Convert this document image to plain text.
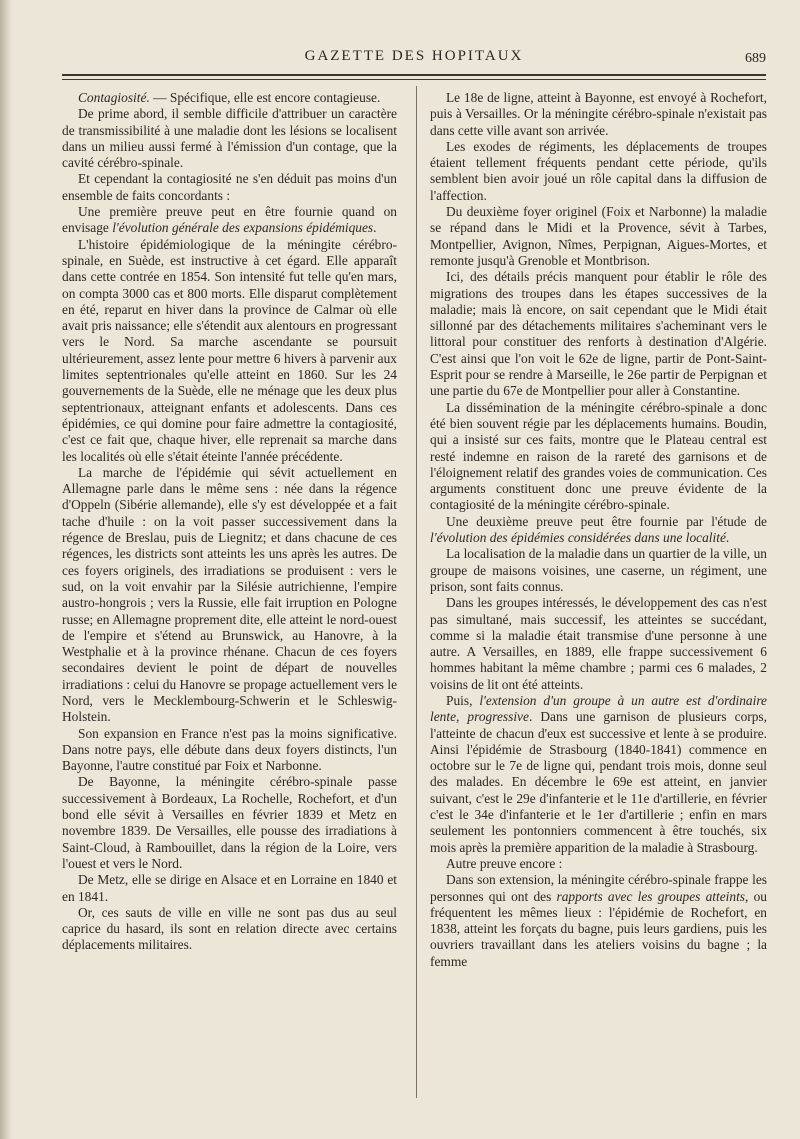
GAZETTE DES HOPITAUX	689

Contagiosité. — Spécifique, elle est encore contagieuse.

De prime abord, il semble difficile d'attribuer un caractère de transmissibilité à une maladie dont les lésions se localisent dans un milieu aussi fermé à l'émission d'un contage, que la cavité cérébro-spinale.

Et cependant la contagiosité ne s'en déduit pas moins d'un ensemble de faits concordants :

Une première preuve peut en être fournie quand on envisage l'évolution générale des expansions épidémiques.

L'histoire épidémiologique de la méningite cérébro-spinale, en Suède, est instructive à cet égard. Elle apparaît dans cette contrée en 1854. Son intensité fut telle qu'en mars, on compta 3000 cas et 800 morts. Elle disparut complètement en été, reparut en hiver dans la province de Calmar où elle avait pris naissance; elle s'étendit aux alentours en progressant vers le Nord. Sa marche ascendante se poursuit ultérieurement, assez lente pour mettre 6 hivers à parvenir aux limites septentrionales qu'elle atteint en 1860. Sur les 24 gouvernements de la Suède, elle ne ménage que les deux plus septentrionaux, atteignant enfants et adolescents. Dans ces épidémies, ce qui domine pour faire admettre la contagiosité, c'est ce fait que, chaque hiver, elle reprenait sa marche dans les localités où elle s'était éteinte l'année précédente.

La marche de l'épidémie qui sévit actuellement en Allemagne parle dans le même sens : née dans la régence d'Oppeln (Sibérie allemande), elle s'y est développée et a fait tache d'huile : on la voit passer successivement dans la régence de Breslau, puis de Liegnitz; et dans chacune de ces régences, les districts sont atteints les uns après les autres. De ces foyers originels, des irradiations se produisent : vers le sud, on la voit envahir par la Silésie autrichienne, l'empire austro-hongrois ; vers la Russie, elle fait irruption en Pologne russe; en Allemagne proprement dite, elle atteint le nord-ouest de l'empire et s'étend au Brunswick, au Hanovre, à la Westphalie et à la province rhénane. Chacun de ces foyers secondaires devient le point de départ de nouvelles irradiations : celui du Hanovre se propage actuellement vers le Nord, vers le Mecklembourg-Schwerin et le Schleswig-Holstein.

Son expansion en France n'est pas la moins significative. Dans notre pays, elle débute dans deux foyers distincts, l'un Bayonne, l'autre constitué par Foix et Narbonne.

De Bayonne, la méningite cérébro-spinale passe successivement à Bordeaux, La Rochelle, Rochefort, et d'un bond elle sévit à Versailles en février 1839 et Metz en novembre 1839. De Versailles, elle pousse des irradiations à Saint-Cloud, à Rambouillet, dans la région de la Loire, vers l'ouest et vers le Nord.

De Metz, elle se dirige en Alsace et en Lorraine en 1840 et en 1841.

Or, ces sauts de ville en ville ne sont pas dus au seul caprice du hasard, ils sont en relation directe avec certains déplacements militaires.

Le 18e de ligne, atteint à Bayonne, est envoyé à Rochefort, puis à Versailles. Or la méningite cérébro-spinale n'existait pas dans cette ville avant son arrivée.

Les exodes de régiments, les déplacements de troupes étaient tellement fréquents pendant cette période, qu'ils semblent bien avoir joué un rôle capital dans la diffusion de l'affection.

Du deuxième foyer originel (Foix et Narbonne) la maladie se répand dans le Midi et la Provence, sévit à Tarbes, Montpellier, Avignon, Nîmes, Perpignan, Aigues-Mortes, et remonte jusqu'à Grenoble et Montbrison.

Ici, des détails précis manquent pour établir le rôle des migrations des troupes dans les étapes successives de la maladie; mais là encore, on sait cependant que le Midi était sillonné par des détachements militaires s'acheminant vers le littoral pour constituer des renforts à destination d'Algérie. C'est ainsi que l'on voit le 62e de ligne, partir de Pont-Saint-Esprit pour se rendre à Marseille, le 26e partir de Perpignan et une partie du 67e de Montpellier pour aller à Constantine.

La dissémination de la méningite cérébro-spinale a donc été bien souvent régie par les déplacements humains. Boudin, qui a insisté sur ces faits, montre que le Plateau central est resté indemne en raison de la rareté des garnisons et de l'éloignement relatif des grandes voies de communication. Ces arguments constituent donc une preuve évidente de la contagiosité de la méningite cérébro-spinale.

Une deuxième preuve peut être fournie par l'étude de l'évolution des épidémies considérées dans une localité.

La localisation de la maladie dans un quartier de la ville, un groupe de maisons voisines, une caserne, un régiment, une prison, sont faits connus.

Dans les groupes intéressés, le développement des cas n'est pas simultané, mais successif, les atteintes se succédant, comme si la maladie était transmise d'une personne à une autre. A Versailles, en 1889, elle frappe successivement 6 hommes habitant la même chambre ; parmi ces 6 malades, 2 voisins de lit ont été atteints.

Puis, l'extension d'un groupe à un autre est d'ordinaire lente, progressive. Dans une garnison de plusieurs corps, l'atteinte de chacun d'eux est successive et lente à se produire. Ainsi l'épidémie de Strasbourg (1840-1841) commence en octobre sur le 7e de ligne qui, pendant trois mois, donne seul des malades. En décembre le 69e est atteint, en janvier suivant, c'est le 29e d'infanterie et le 11e d'artillerie, en février c'est le 34e d'infanterie et le 1er d'artillerie ; enfin en mars seulement les pontonniers commencent à être touchés, six mois après la première apparition de la maladie à Strasbourg.

Autre preuve encore :

Dans son extension, la méningite cérébro-spinale frappe les personnes qui ont des rapports avec les groupes atteints, ou fréquentent les mêmes lieux : l'épidémie de Rochefort, en 1838, atteint les forçats du bagne, puis leurs gardiens, puis les ouvriers travaillant dans les ateliers voisins du bagne ; la femme
